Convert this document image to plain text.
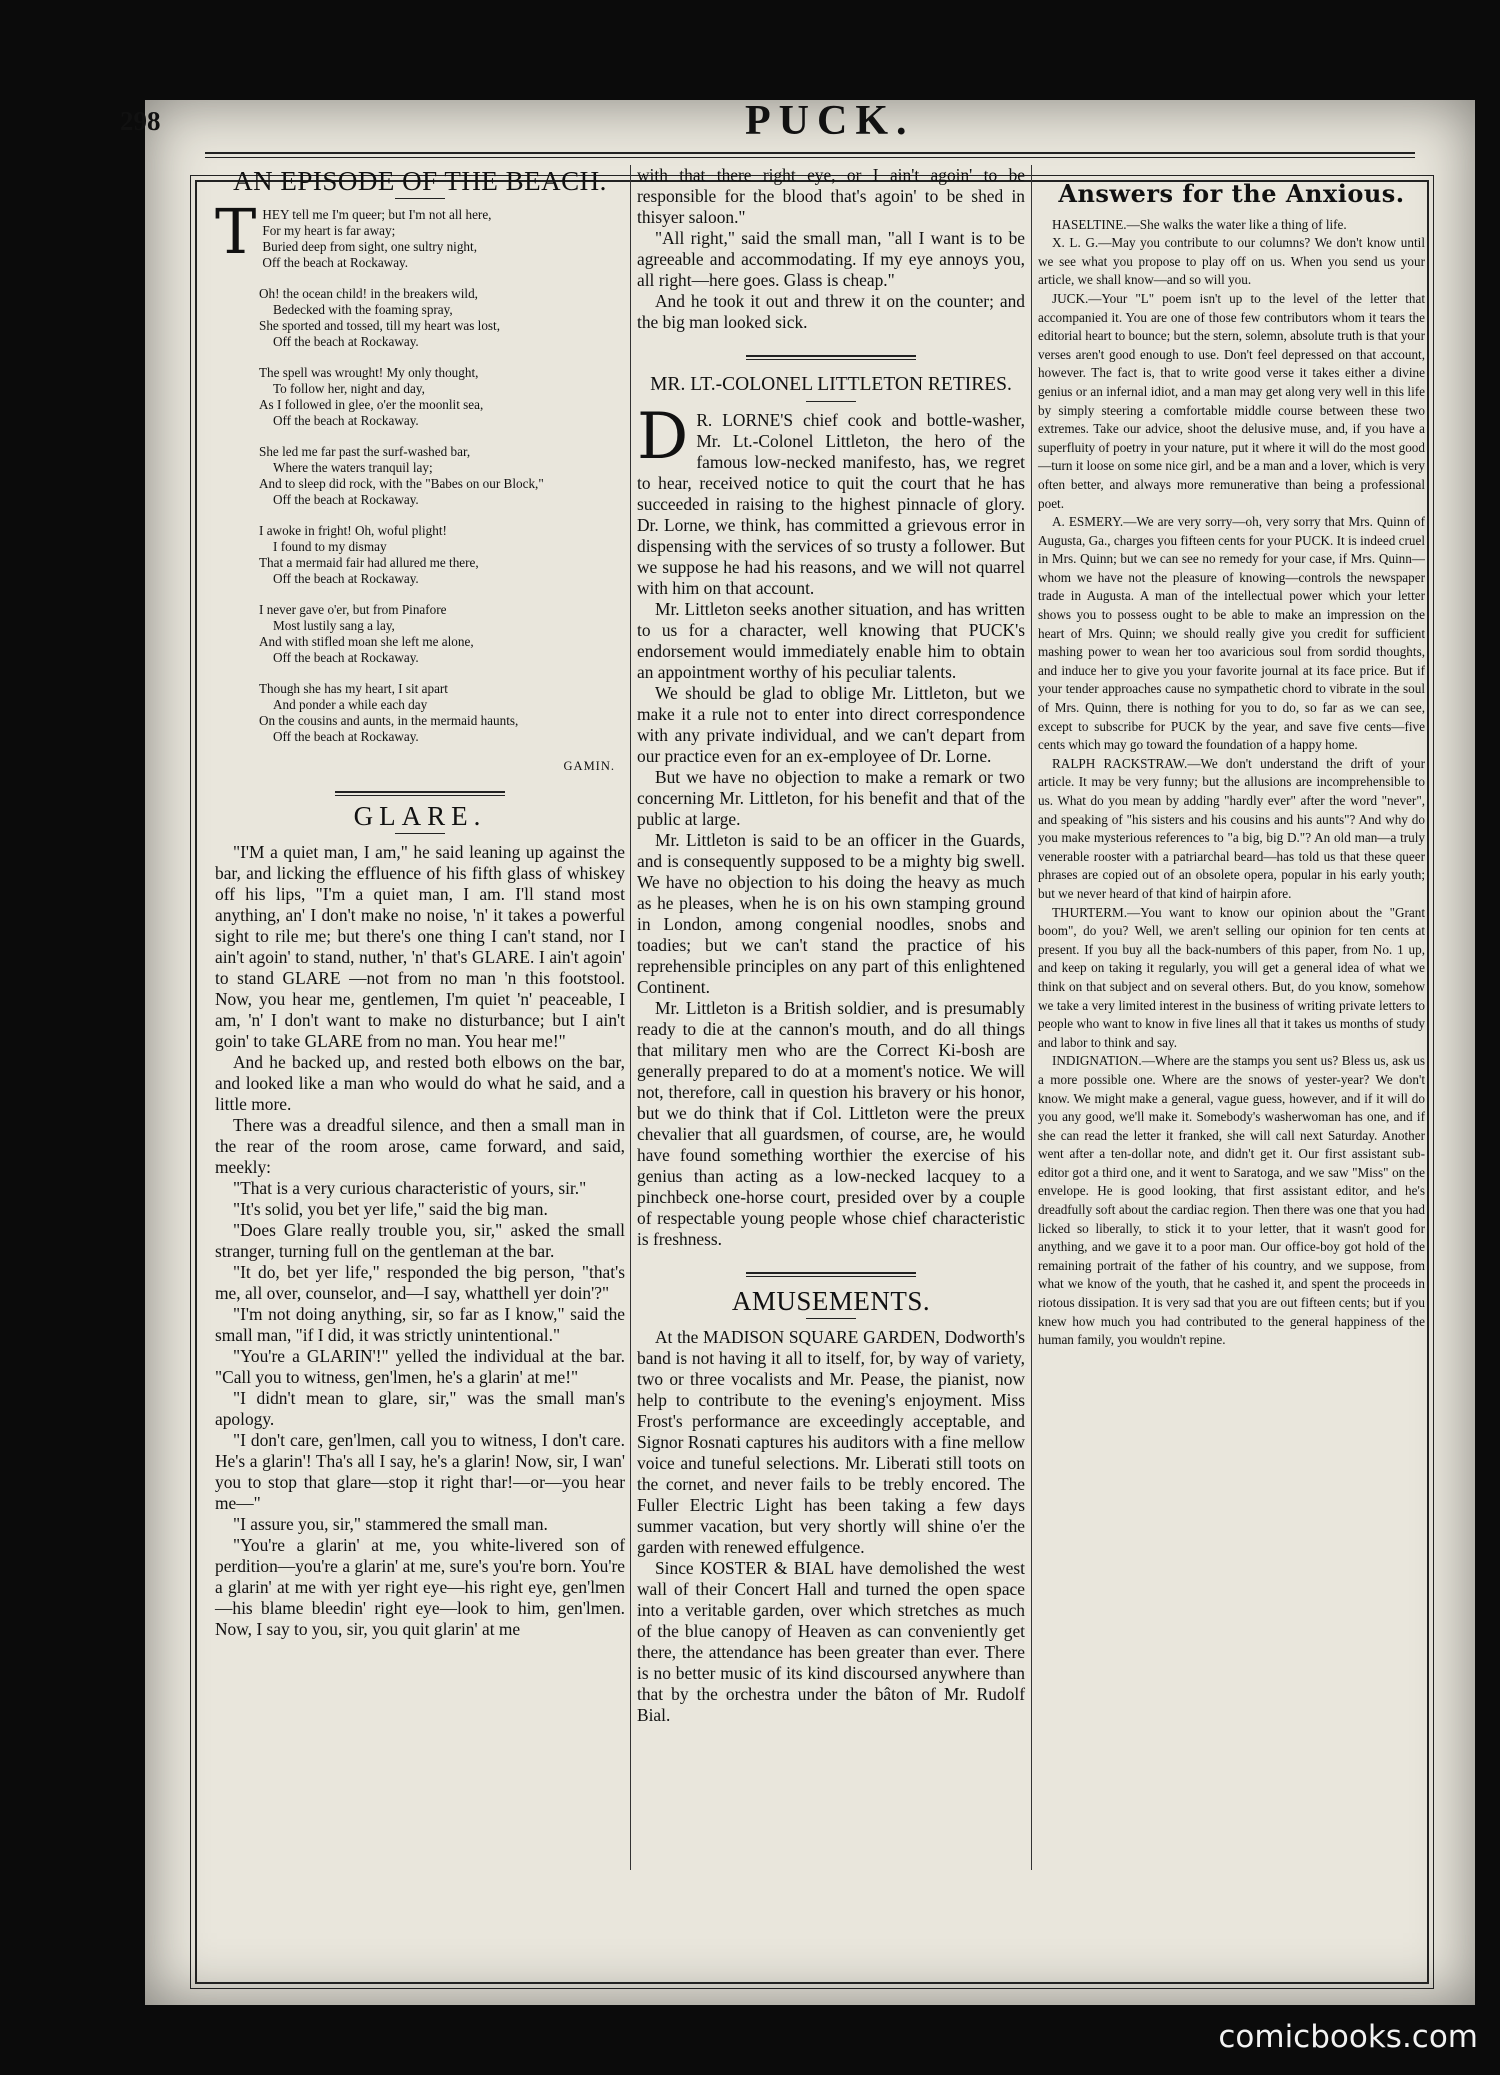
298	PUCK.
AN EPISODE OF THE BEACH.
T HEY tell me I'm queer; but I'm not all here,
For my heart is far away;
Buried deep from sight, one sultry night,
Off the beach at Rockaway.
Oh! the ocean child! in the breakers wild,
Bedecked with the foaming spray,
She sported and tossed, till my heart was lost,
Off the beach at Rockaway.
The spell was wrought! My only thought,
To follow her, night and day,
As I followed in glee, o'er the moonlit sea,
Off the beach at Rockaway.
She led me far past the surf-washed bar,
Where the waters tranquil lay;
And to sleep did rock, with the "Babes on our Block,"
Off the beach at Rockaway.
I awoke in fright! Oh, woful plight!
I found to my dismay
That a mermaid fair had allured me there,
Off the beach at Rockaway.
I never gave o'er, but from Pinafore
Most lustily sang a lay,
And with stifled moan she left me alone,
Off the beach at Rockaway.
Though she has my heart, I sit apart
And ponder a while each day
On the cousins and aunts, in the mermaid haunts,
Off the beach at Rockaway.
GAMIN.
GLARE.

"I'M a quiet man, I am," he said leaning up against the bar, and licking the effluence of his fifth glass of whiskey off his lips, "I'm a quiet man, I am. I'll stand most anything, an' I don't make no noise, 'n' it takes a powerful sight to rile me; but there's one thing I can't stand, nor I ain't agoin' to stand, nuther, 'n' that's GLARE. I ain't agoin' to stand GLARE —not from no man 'n this footstool. Now, you hear me, gentlemen, I'm quiet 'n' peaceable, I am, 'n' I don't want to make no disturbance; but I ain't goin' to take GLARE from no man. You hear me!"

And he backed up, and rested both elbows on the bar, and looked like a man who would do what he said, and a little more.

There was a dreadful silence, and then a small man in the rear of the room arose, came forward, and said, meekly:

"That is a very curious characteristic of yours, sir."

"It's solid, you bet yer life," said the big man.

"Does Glare really trouble you, sir," asked the small stranger, turning full on the gentleman at the bar.

"It do, bet yer life," responded the big person, "that's me, all over, counselor, and—I say, whatthell yer doin'?"

"I'm not doing anything, sir, so far as I know," said the small man, "if I did, it was strictly unintentional."

"You're a GLARIN'!" yelled the individual at the bar. "Call you to witness, gen'lmen, he's a glarin' at me!"

"I didn't mean to glare, sir," was the small man's apology.

"I don't care, gen'lmen, call you to witness, I don't care. He's a glarin'! Tha's all I say, he's a glarin! Now, sir, I wan' you to stop that glare—stop it right thar!—or—you hear me—"

"I assure you, sir," stammered the small man.

"You're a glarin' at me, you white-livered son of perdition—you're a glarin' at me, sure's you're born. You're a glarin' at me with yer right eye—his right eye, gen'lmen—his blame bleedin' right eye—look to him, gen'lmen. Now, I say to you, sir, you quit glarin' at me

with that there right eye, or I ain't agoin' to be responsible for the blood that's agoin' to be shed in thisyer saloon."

"All right," said the small man, "all I want is to be agreeable and accommodating. If my eye annoys you, all right—here goes. Glass is cheap."

And he took it out and threw it on the counter; and the big man looked sick.

MR. LT.-COLONEL LITTLETON RETIRES.

D R. LORNE'S chief cook and bottle-washer, Mr. Lt.-Colonel Littleton, the hero of the famous low-necked manifesto, has, we regret to hear, received notice to quit the court that he has succeeded in raising to the highest pinnacle of glory. Dr. Lorne, we think, has committed a grievous error in dispensing with the services of so trusty a follower. But we suppose he had his reasons, and we will not quarrel with him on that account.

Mr. Littleton seeks another situation, and has written to us for a character, well knowing that PUCK's endorsement would immediately enable him to obtain an appointment worthy of his peculiar talents.

We should be glad to oblige Mr. Littleton, but we make it a rule not to enter into direct correspondence with any private individual, and we can't depart from our practice even for an ex-employee of Dr. Lorne.

But we have no objection to make a remark or two concerning Mr. Littleton, for his benefit and that of the public at large.

Mr. Littleton is said to be an officer in the Guards, and is consequently supposed to be a mighty big swell. We have no objection to his doing the heavy as much as he pleases, when he is on his own stamping ground in London, among congenial noodles, snobs and toadies; but we can't stand the practice of his reprehensible principles on any part of this enlightened Continent.

Mr. Littleton is a British soldier, and is presumably ready to die at the cannon's mouth, and do all things that military men who are the Correct Ki-bosh are generally prepared to do at a moment's notice. We will not, therefore, call in question his bravery or his honor, but we do think that if Col. Littleton were the preux chevalier that all guardsmen, of course, are, he would have found something worthier the exercise of his genius than acting as a low-necked lacquey to a pinchbeck one-horse court, presided over by a couple of respectable young people whose chief characteristic is freshness.

AMUSEMENTS.

At the MADISON SQUARE GARDEN, Dodworth's band is not having it all to itself, for, by way of variety, two or three vocalists and Mr. Pease, the pianist, now help to contribute to the evening's enjoyment. Miss Frost's performance are exceedingly acceptable, and Signor Rosnati captures his auditors with a fine mellow voice and tuneful selections. Mr. Liberati still toots on the cornet, and never fails to be trebly encored. The Fuller Electric Light has been taking a few days summer vacation, but very shortly will shine o'er the garden with renewed effulgence.

Since KOSTER & BIAL have demolished the west wall of their Concert Hall and turned the open space into a veritable garden, over which stretches as much of the blue canopy of Heaven as can conveniently get there, the attendance has been greater than ever. There is no better music of its kind discoursed anywhere than that by the orchestra under the bâton of Mr. Rudolf Bial.

Answers for the Anxious.

HASELTINE.—She walks the water like a thing of life.

X. L. G.—May you contribute to our columns? We don't know until we see what you propose to play off on us. When you send us your article, we shall know—and so will you.

JUCK.—Your "L" poem isn't up to the level of the letter that accompanied it. You are one of those few contributors whom it tears the editorial heart to bounce; but the stern, solemn, absolute truth is that your verses aren't good enough to use. Don't feel depressed on that account, however. The fact is, that to write good verse it takes either a divine genius or an infernal idiot, and a man may get along very well in this life by simply steering a comfortable middle course between these two extremes. Take our advice, shoot the delusive muse, and, if you have a superfluity of poetry in your nature, put it where it will do the most good—turn it loose on some nice girl, and be a man and a lover, which is very often better, and always more remunerative than being a professional poet.

A. ESMERY.—We are very sorry—oh, very sorry that Mrs. Quinn of Augusta, Ga., charges you fifteen cents for your PUCK. It is indeed cruel in Mrs. Quinn; but we can see no remedy for your case, if Mrs. Quinn—whom we have not the pleasure of knowing—controls the newspaper trade in Augusta. A man of the intellectual power which your letter shows you to possess ought to be able to make an impression on the heart of Mrs. Quinn; we should really give you credit for sufficient mashing power to wean her too avaricious soul from sordid thoughts, and induce her to give you your favorite journal at its face price. But if your tender approaches cause no sympathetic chord to vibrate in the soul of Mrs. Quinn, there is nothing for you to do, so far as we can see, except to subscribe for PUCK by the year, and save five cents—five cents which may go toward the foundation of a happy home.

RALPH RACKSTRAW.—We don't understand the drift of your article. It may be very funny; but the allusions are incomprehensible to us. What do you mean by adding "hardly ever" after the word "never", and speaking of "his sisters and his cousins and his aunts"? And why do you make mysterious references to "a big, big D."? An old man—a truly venerable rooster with a patriarchal beard—has told us that these queer phrases are copied out of an obsolete opera, popular in his early youth; but we never heard of that kind of hairpin afore.

THURTERM.—You want to know our opinion about the "Grant boom", do you? Well, we aren't selling our opinion for ten cents at present. If you buy all the back-numbers of this paper, from No. 1 up, and keep on taking it regularly, you will get a general idea of what we think on that subject and on several others. But, do you know, somehow we take a very limited interest in the business of writing private letters to people who want to know in five lines all that it takes us months of study and labor to think and say.

INDIGNATION.—Where are the stamps you sent us? Bless us, ask us a more possible one. Where are the snows of yester-year? We don't know. We might make a general, vague guess, however, and if it will do you any good, we'll make it. Somebody's washerwoman has one, and if she can read the letter it franked, she will call next Saturday. Another went after a ten-dollar note, and didn't get it. Our first assistant sub-editor got a third one, and it went to Saratoga, and we saw "Miss" on the envelope. He is good looking, that first assistant editor, and he's dreadfully soft about the cardiac region. Then there was one that you had licked so liberally, to stick it to your letter, that it wasn't good for anything, and we gave it to a poor man. Our office-boy got hold of the remaining portrait of the father of his country, and we suppose, from what we know of the youth, that he cashed it, and spent the proceeds in riotous dissipation. It is very sad that you are out fifteen cents; but if you knew how much you had contributed to the general happiness of the human family, you wouldn't repine.

comicbooks.com
